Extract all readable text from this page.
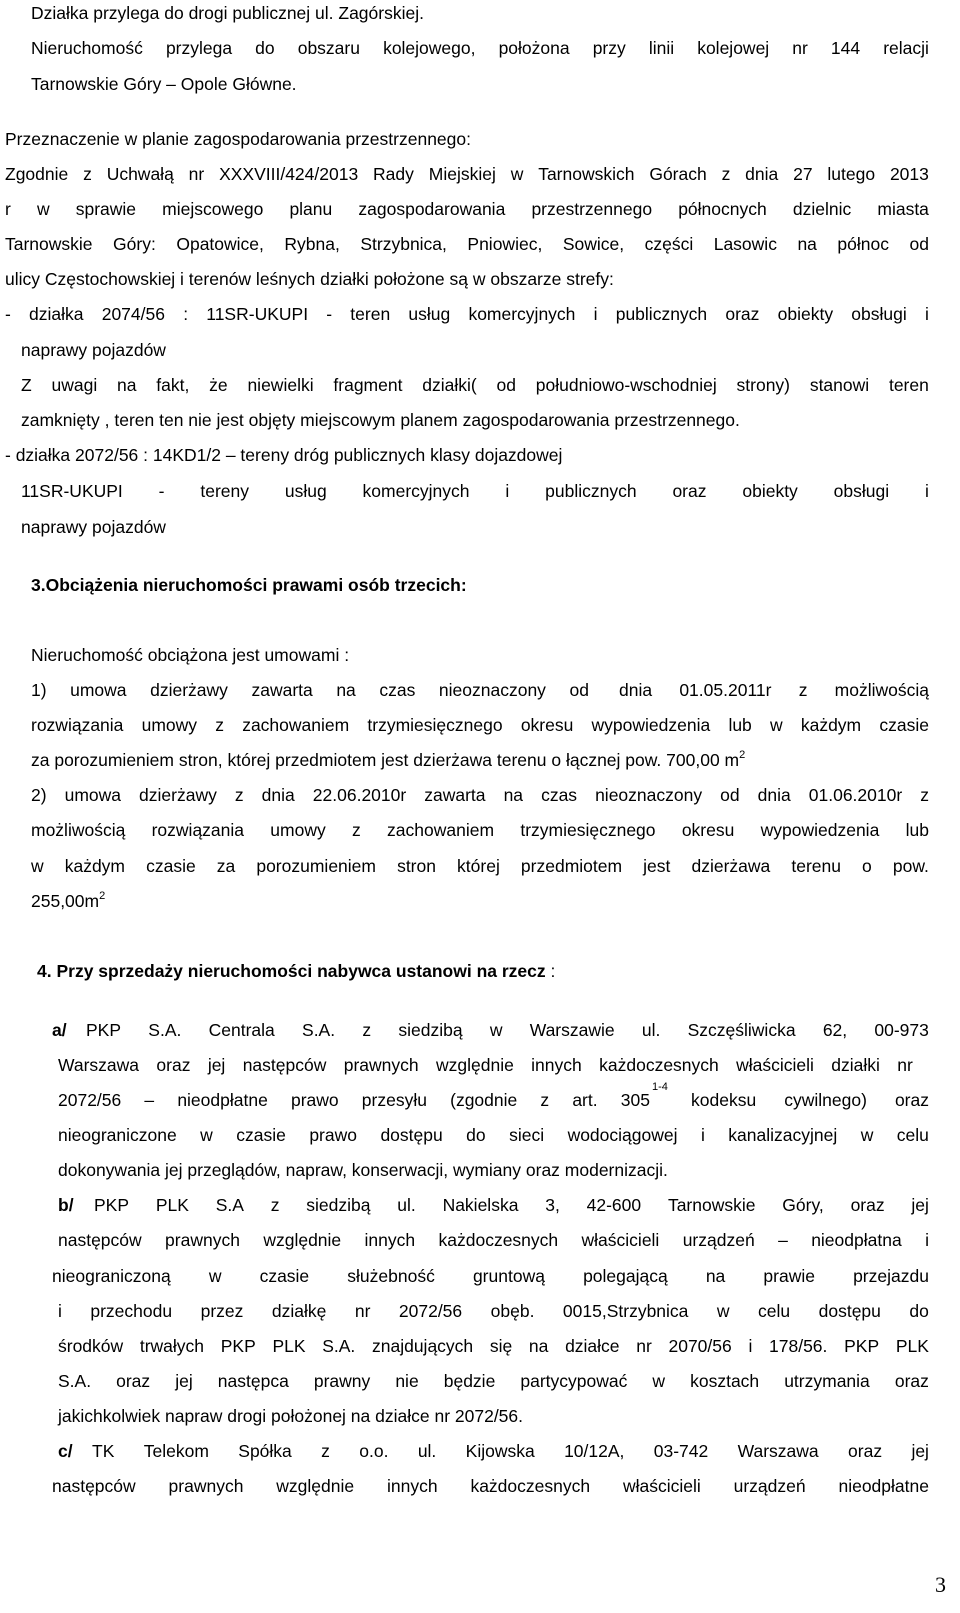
Działka przylega do drogi publicznej ul. Zagórskiej.
Nieruchomość przylega do obszaru kolejowego, położona przy linii kolejowej nr 144 relacji
Tarnowskie Góry – Opole Główne.
Przeznaczenie w planie zagospodarowania przestrzennego:
Zgodnie z Uchwałą nr XXXVIII/424/2013 Rady Miejskiej w Tarnowskich Górach z dnia 27 lutego 2013
r w sprawie miejscowego planu zagospodarowania przestrzennego północnych dzielnic miasta
Tarnowskie Góry: Opatowice, Rybna, Strzybnica, Pniowiec, Sowice, części Lasowic na północ od
ulicy Częstochowskiej i terenów leśnych działki położone są w obszarze strefy:
- działka 2074/56 : 11SR-UKUPI - teren usług komercyjnych i publicznych oraz obiekty obsługi i
naprawy pojazdów
Z uwagi na fakt, że niewielki fragment działki( od południowo-wschodniej strony) stanowi teren
zamknięty , teren ten nie jest objęty miejscowym planem zagospodarowania przestrzennego.
- działka 2072/56 : 14KD1/2 – tereny dróg publicznych klasy dojazdowej
11SR-UKUPI - tereny usług komercyjnych i publicznych oraz obiekty obsługi i
naprawy pojazdów
3.Obciążenia nieruchomości prawami osób trzecich:
Nieruchomość obciążona jest umowami :
1) umowa dzierżawy zawarta na czas nieoznaczony od dnia 01.05.2011r z możliwością
rozwiązania umowy z zachowaniem trzymiesięcznego okresu wypowiedzenia lub w każdym czasie
za porozumieniem stron, której przedmiotem jest dzierżawa terenu o łącznej pow. 700,00 $m^2$
2) umowa dzierżawy z dnia 22.06.2010r zawarta na czas nieoznaczony od dnia 01.06.2010r z
możliwością rozwiązania umowy z zachowaniem trzymiesięcznego okresu wypowiedzenia lub
w każdym czasie za porozumieniem stron której przedmiotem jest dzierżawa terenu o pow.
$255,00m^2$
4. Przy sprzedaży nieruchomości nabywca ustanowi na rzecz :
a/ PKP S.A. Centrala S.A. z siedzibą w Warszawie ul. Szczęśliwicka 62, 00-973
Warszawa oraz jej następców prawnych względnie innych każdoczesnych właścicieli działki nr
2072/56 – nieodpłatne prawo przesyłu (zgodnie z art. 305
1-4
kodeksu cywilnego) oraz
nieograniczone w czasie prawo dostępu do sieci wodociągowej i kanalizacyjnej w celu
dokonywania jej przeglądów, napraw, konserwacji, wymiany oraz modernizacji.
b/ PKP PLK S.A z siedzibą ul. Nakielska 3, 42-600 Tarnowskie Góry, oraz jej
następców prawnych względnie innych każdoczesnych właścicieli urządzeń – nieodpłatna i
nieograniczoną w czasie służebność gruntową polegającą na prawie przejazdu
i przechodu przez działkę nr 2072/56 obęb. 0015,Strzybnica w celu dostępu do
środków trwałych PKP PLK S.A. znajdujących się na działce nr 2070/56 i 178/56. PKP PLK
S.A. oraz jej następca prawny nie będzie partycypować w kosztach utrzymania oraz
jakichkolwiek napraw drogi położonej na działce nr 2072/56.
c/ TK Telekom Spółka z o.o. ul. Kijowska 10/12A, 03-742 Warszawa oraz jej
następców prawnych względnie innych każdoczesnych właścicieli urządzeń nieodpłatne
3
